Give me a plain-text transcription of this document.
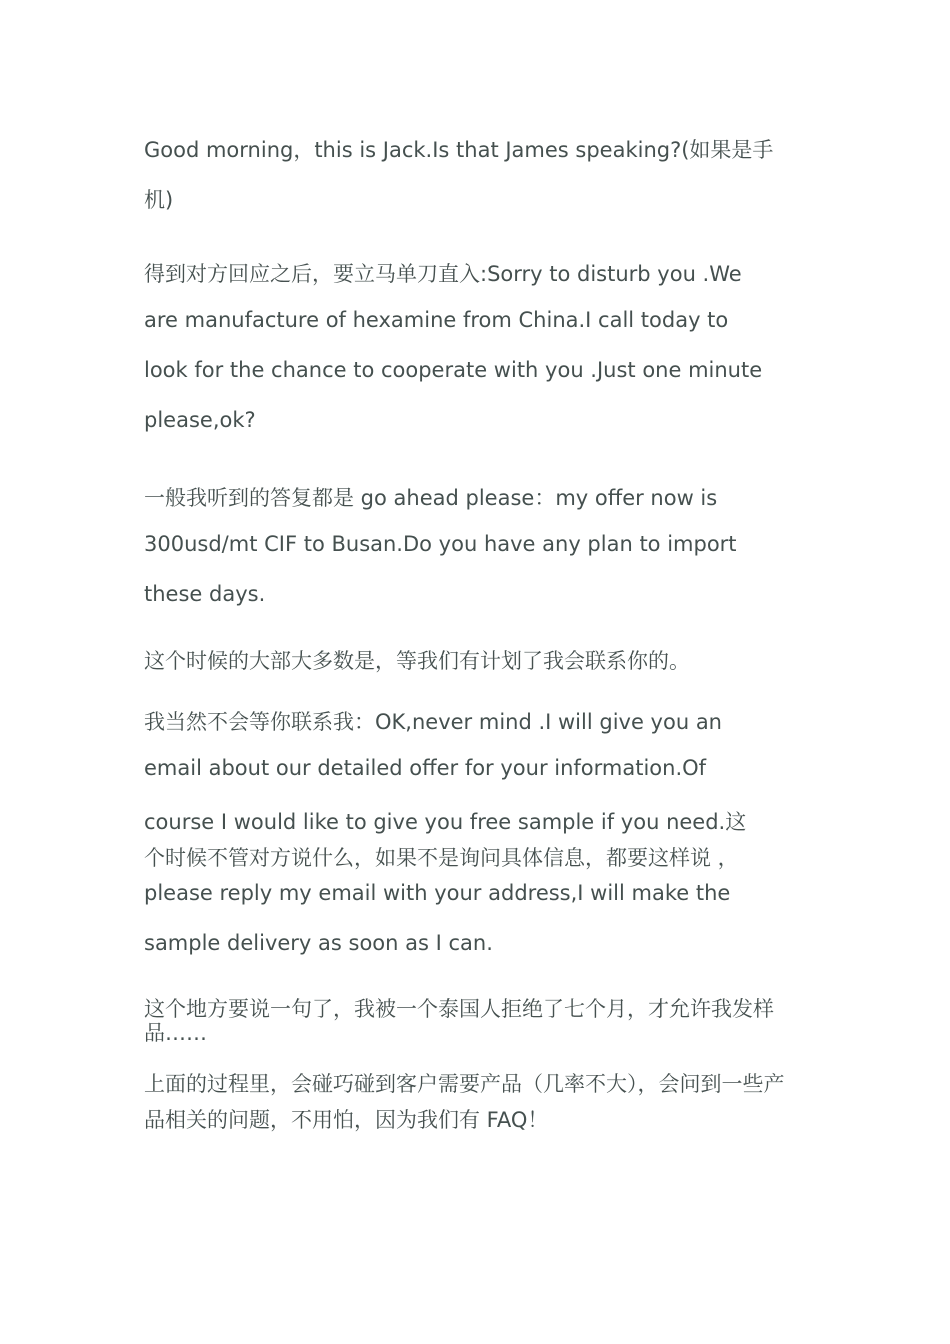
Good morning，this is Jack.Is that James speaking?(如果是手
机)
得到对方回应之后，要立马单刀直入:Sorry to disturb you .We
are manufacture of hexamine from China.I call today to
look for the chance to cooperate with you .Just one minute
please,ok?
一般我听到的答复都是 go ahead please：my offer now is
300usd/mt CIF to Busan.Do you have any plan to import
these days.
这个时候的大部大多数是，等我们有计划了我会联系你的。
我当然不会等你联系我：OK,never mind .I will give you an
email about our detailed offer for your information.Of
course I would like to give you free sample if you need.这
个时候不管对方说什么，如果不是询问具体信息，都要这样说 ，
please reply my email with your address,I will make the
sample delivery as soon as I can.
这个地方要说一句了，我被一个泰国人拒绝了七个月，才允许我发样
品……
上面的过程里，会碰巧碰到客户需要产品（几率不大），会问到一些产
品相关的问题，不用怕，因为我们有 FAQ！
